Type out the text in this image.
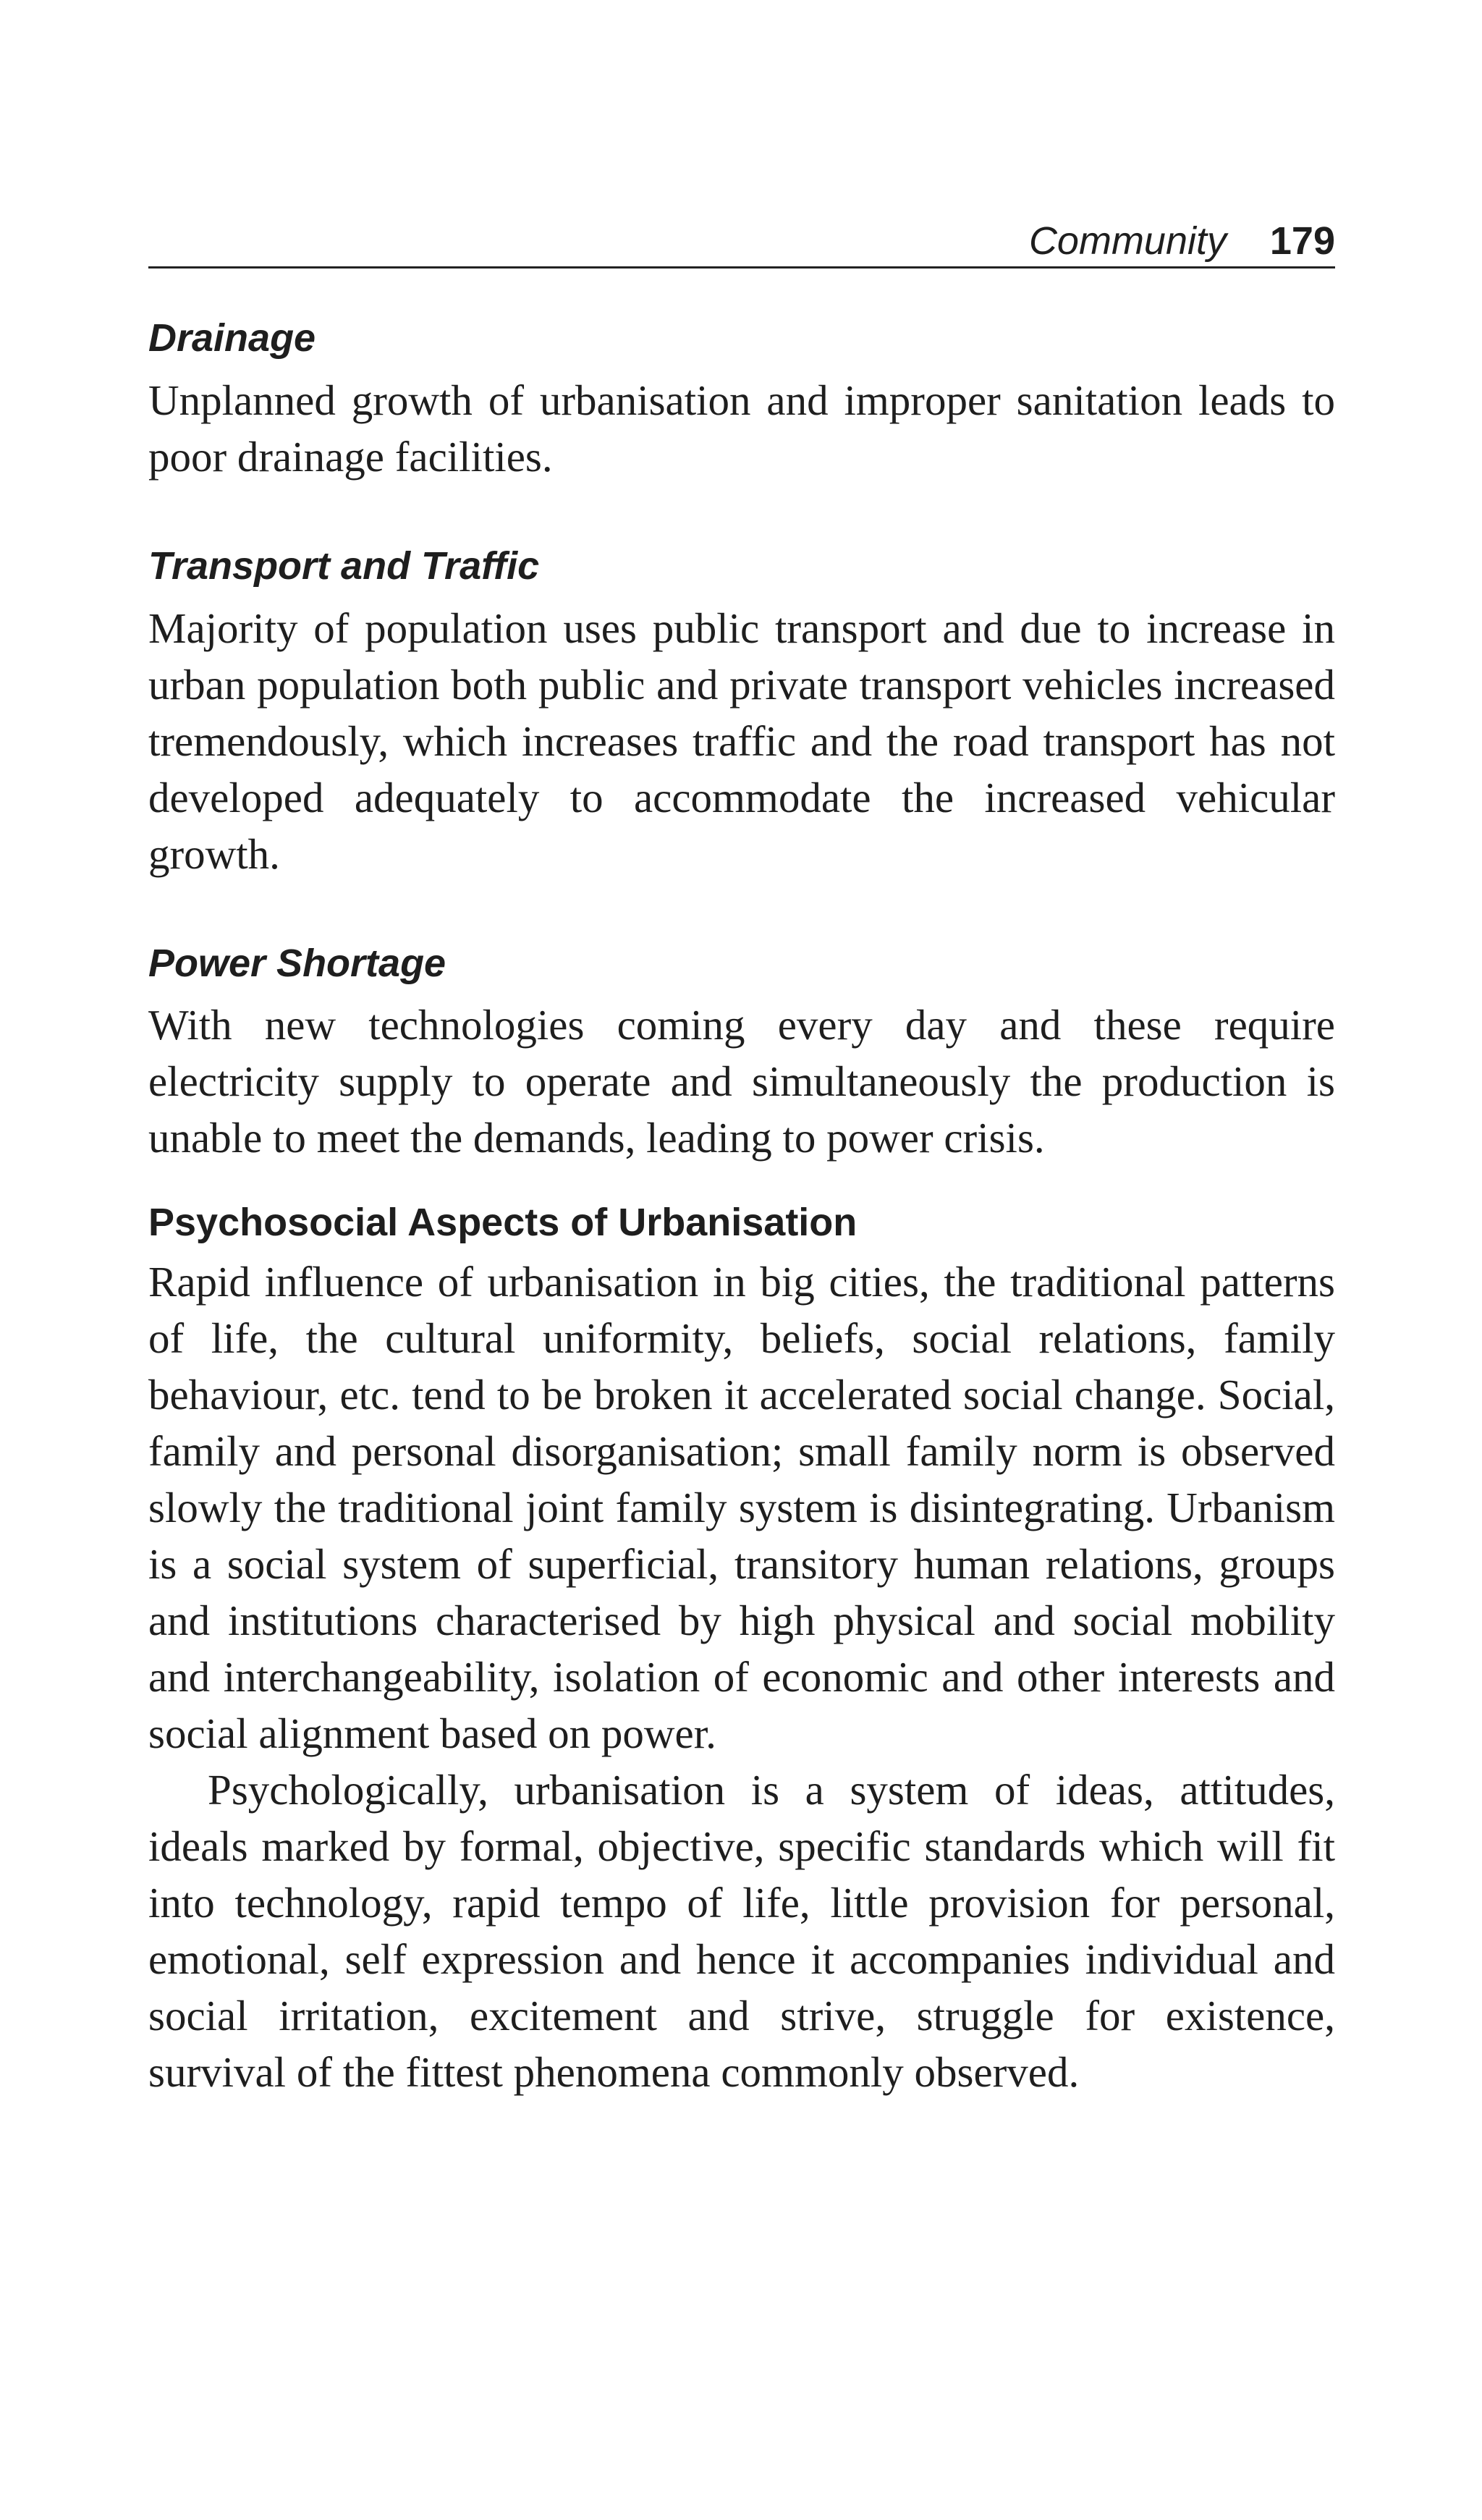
Community 179
Drainage

Unplanned growth of urbanisation and improper sanitation leads to poor drainage facilities.

Transport and Traffic

Majority of population uses public transport and due to increase in urban population both public and private transport vehicles increased tremendously, which increases traffic and the road transport has not developed adequately to accommodate the increased vehicular growth.

Power Shortage

With new technologies coming every day and these require electricity supply to operate and simultaneously the production is unable to meet the demands, leading to power crisis.

Psychosocial Aspects of Urbanisation

Rapid influence of urbanisation in big cities, the traditional patterns of life, the cultural uniformity, beliefs, social relations, family behaviour, etc. tend to be broken it accelerated social change. Social, family and personal disorganisation; small family norm is observed slowly the traditional joint family system is disintegrating. Urbanism is a social system of superficial, transitory human relations, groups and institutions characterised by high physical and social mobility and interchangeability, isolation of economic and other interests and social alignment based on power.

Psychologically, urbanisation is a system of ideas, attitudes, ideals marked by formal, objective, specific standards which will fit into technology, rapid tempo of life, little provision for personal, emotional, self expression and hence it accompanies individual and social irritation, excitement and strive, struggle for existence, survival of the fittest phenomena commonly observed.
